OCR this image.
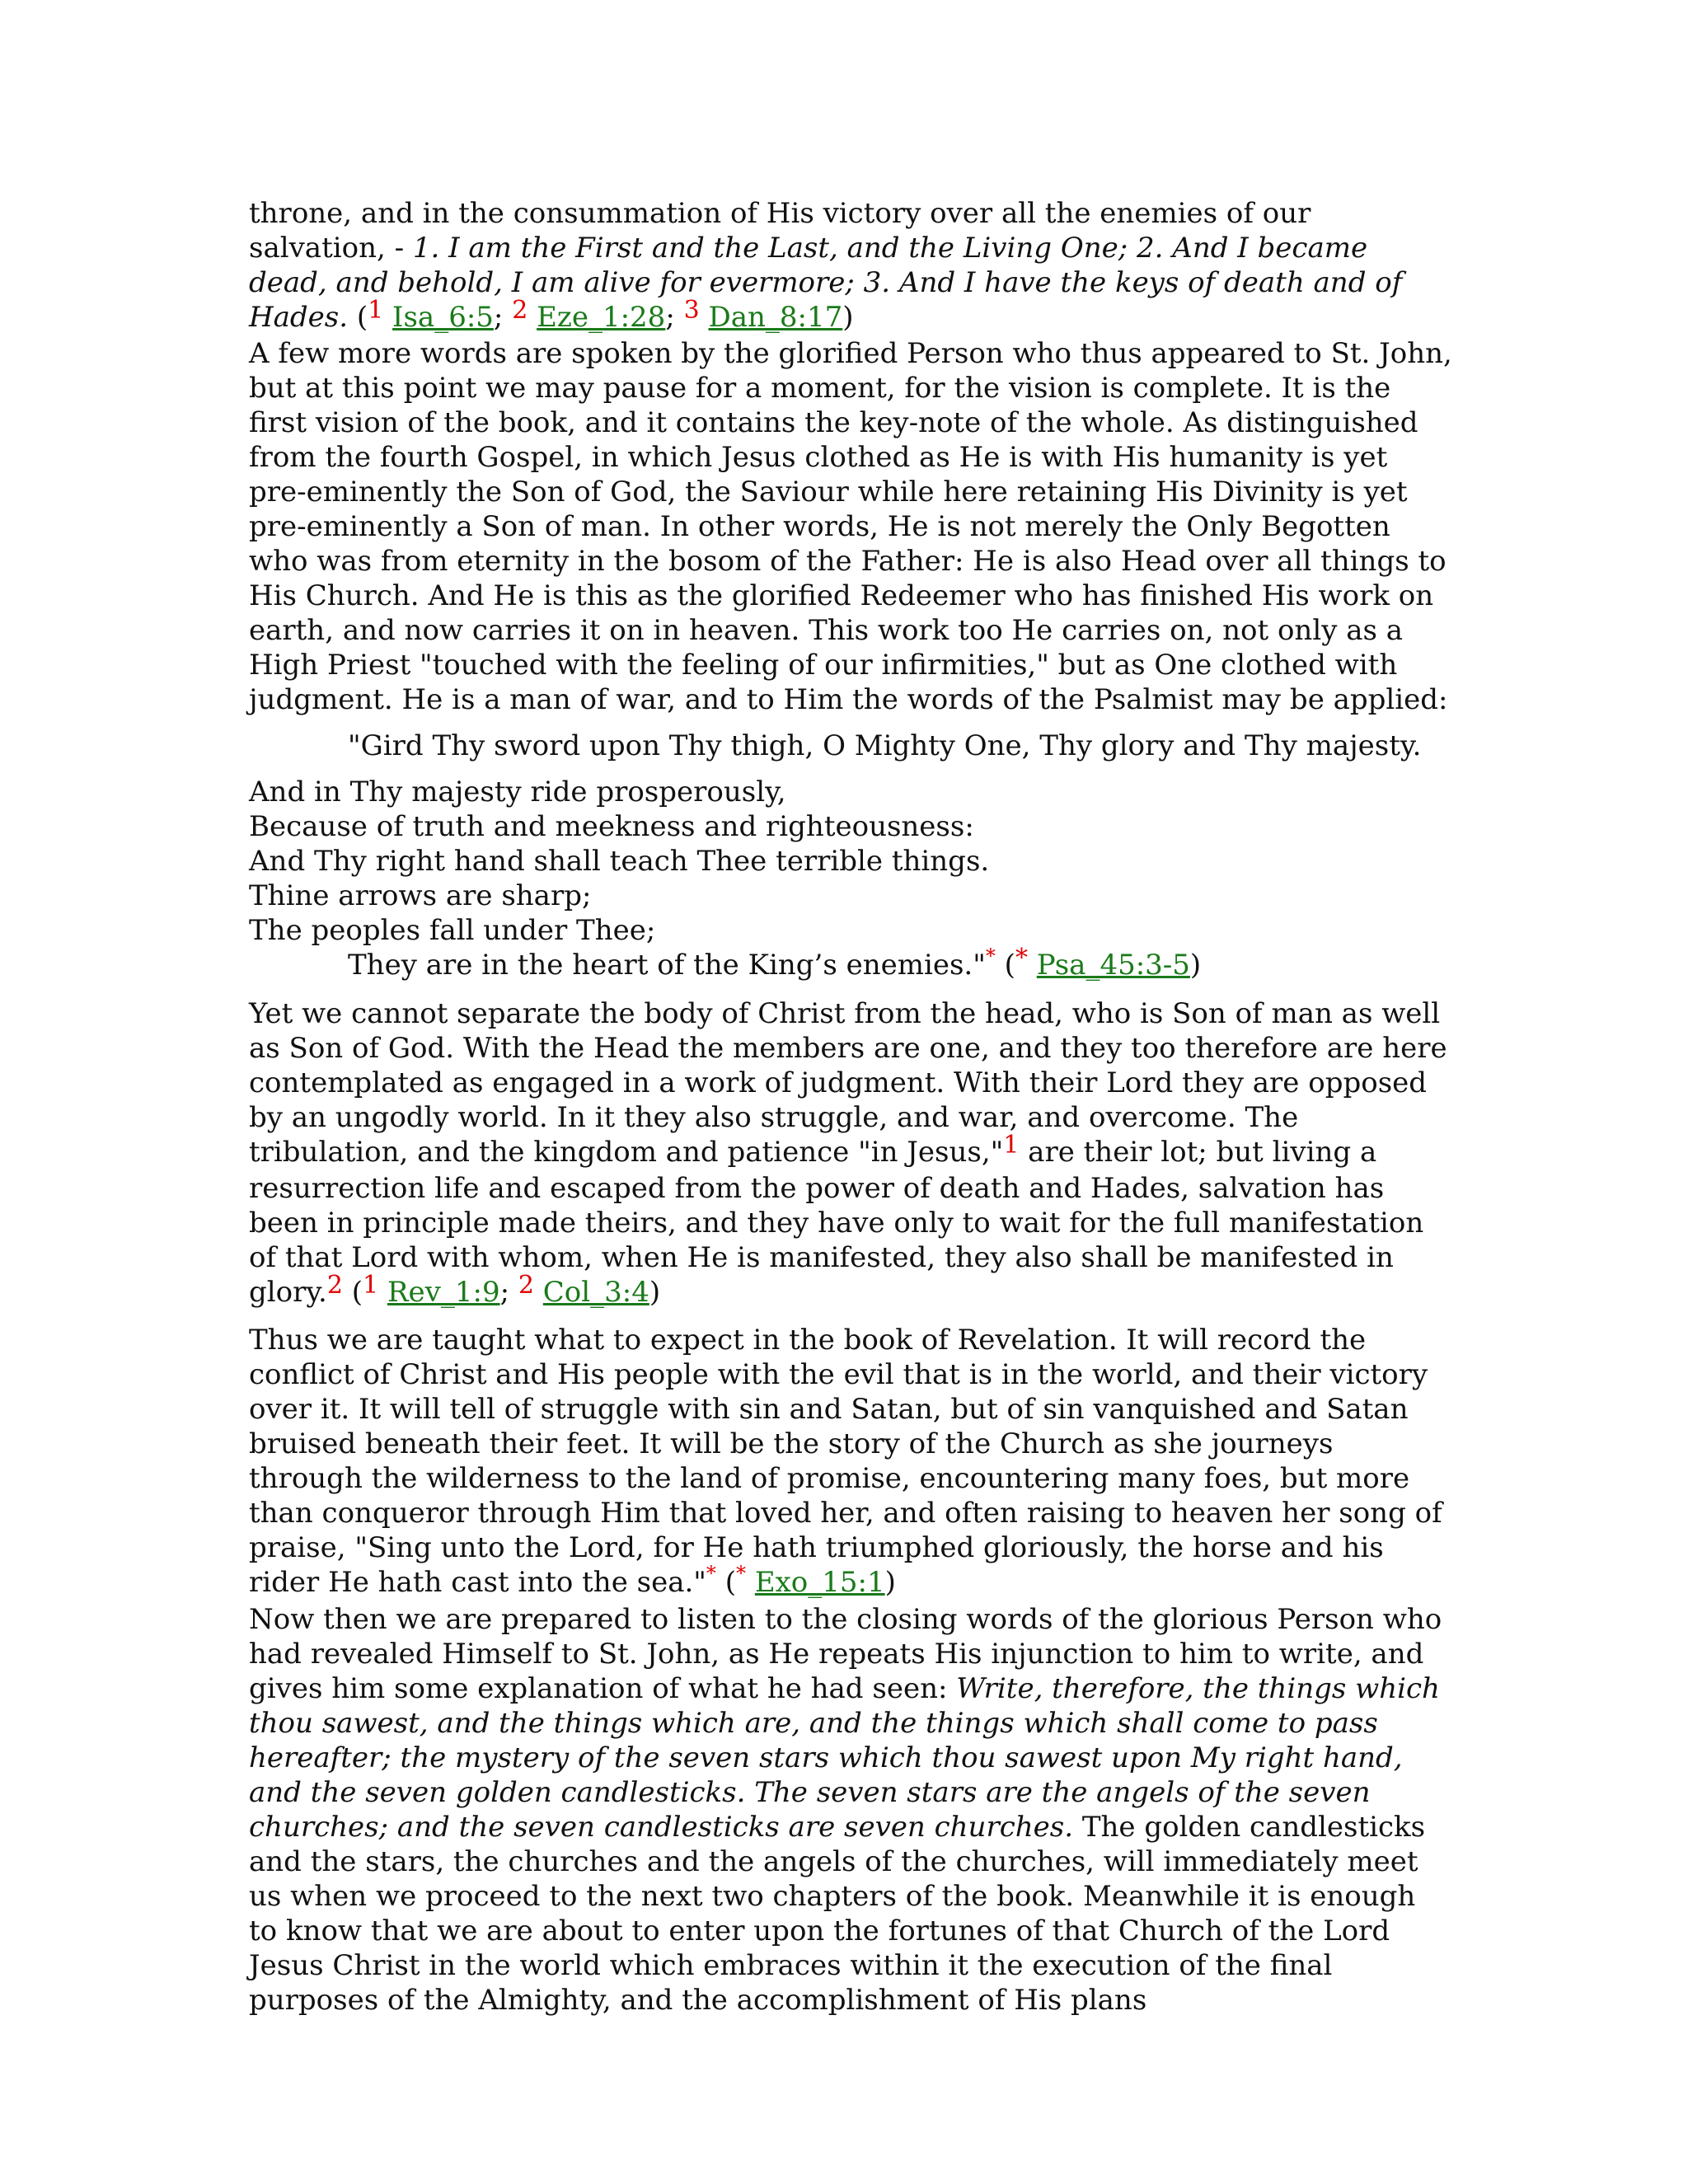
throne, and in the consummation of His victory over all the enemies of our salvation, - 1. I am the First and the Last, and the Living One; 2. And I became dead, and behold, I am alive for evermore; 3. And I have the keys of death and of Hades. (1 Isa_6:5; 2 Eze_1:28; 3 Dan_8:17)

A few more words are spoken by the glorified Person who thus appeared to St. John, but at this point we may pause for a moment, for the vision is complete. It is the first vision of the book, and it contains the key-note of the whole. As distinguished from the fourth Gospel, in which Jesus clothed as He is with His humanity is yet pre-eminently the Son of God, the Saviour while here retaining His Divinity is yet pre-eminently a Son of man. In other words, He is not merely the Only Begotten who was from eternity in the bosom of the Father: He is also Head over all things to His Church. And He is this as the glorified Redeemer who has finished His work on earth, and now carries it on in heaven. This work too He carries on, not only as a High Priest "touched with the feeling of our infirmities," but as One clothed with judgment. He is a man of war, and to Him the words of the Psalmist may be applied:

"Gird Thy sword upon Thy thigh, O Mighty One, Thy glory and Thy majesty.

And in Thy majesty ride prosperously,

Because of truth and meekness and righteousness:

And Thy right hand shall teach Thee terrible things.

Thine arrows are sharp;

The peoples fall under Thee;

They are in the heart of the King’s enemies."* (* Psa_45:3-5)

Yet we cannot separate the body of Christ from the head, who is Son of man as well as Son of God. With the Head the members are one, and they too therefore are here contemplated as engaged in a work of judgment. With their Lord they are opposed by an ungodly world. In it they also struggle, and war, and overcome. The tribulation, and the kingdom and patience "in Jesus,"1 are their lot; but living a resurrection life and escaped from the power of death and Hades, salvation has been in principle made theirs, and they have only to wait for the full manifestation of that Lord with whom, when He is manifested, they also shall be manifested in glory.2 (1 Rev_1:9; 2 Col_3:4)

Thus we are taught what to expect in the book of Revelation. It will record the conflict of Christ and His people with the evil that is in the world, and their victory over it. It will tell of struggle with sin and Satan, but of sin vanquished and Satan bruised beneath their feet. It will be the story of the Church as she journeys through the wilderness to the land of promise, encountering many foes, but more than conqueror through Him that loved her, and often raising to heaven her song of praise, "Sing unto the Lord, for He hath triumphed gloriously, the horse and his rider He hath cast into the sea."* (* Exo_15:1)

Now then we are prepared to listen to the closing words of the glorious Person who had revealed Himself to St. John, as He repeats His injunction to him to write, and gives him some explanation of what he had seen: Write, therefore, the things which thou sawest, and the things which are, and the things which shall come to pass hereafter; the mystery of the seven stars which thou sawest upon My right hand, and the seven golden candlesticks. The seven stars are the angels of the seven churches; and the seven candlesticks are seven churches. The golden candlesticks and the stars, the churches and the angels of the churches, will immediately meet us when we proceed to the next two chapters of the book. Meanwhile it is enough to know that we are about to enter upon the fortunes of that Church of the Lord Jesus Christ in the world which embraces within it the execution of the final purposes of the Almighty, and the accomplishment of His plans
